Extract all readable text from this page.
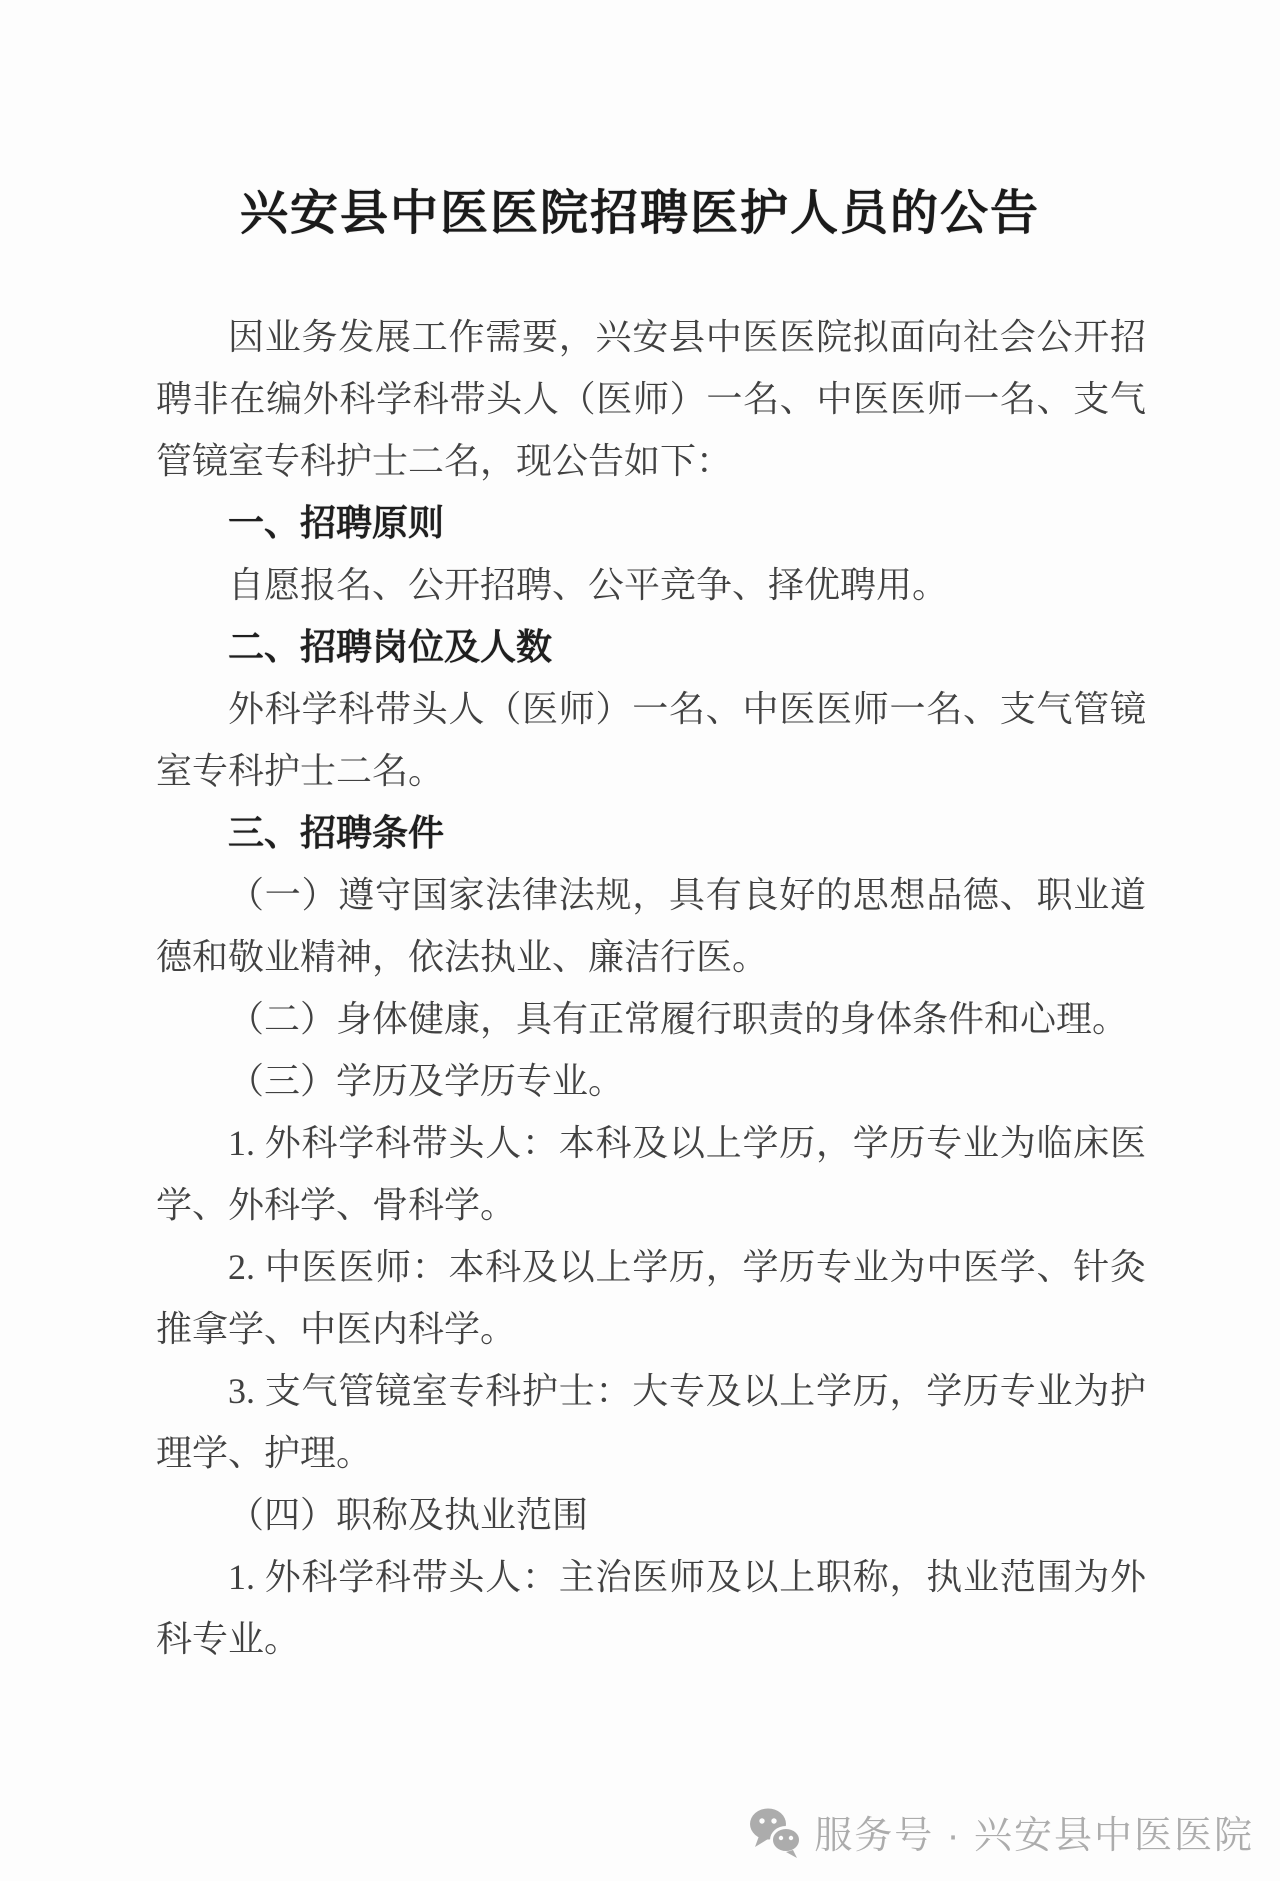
兴安县中医医院招聘医护人员的公告

因业务发展工作需要，兴安县中医医院拟面向社会公开招聘非在编外科学科带头人（医师）一名、中医医师一名、支气管镜室专科护士二名，现公告如下：

一、招聘原则

自愿报名、公开招聘、公平竞争、择优聘用。

二、招聘岗位及人数

外科学科带头人（医师）一名、中医医师一名、支气管镜室专科护士二名。

三、招聘条件

（一）遵守国家法律法规，具有良好的思想品德、职业道德和敬业精神，依法执业、廉洁行医。

（二）身体健康，具有正常履行职责的身体条件和心理。

（三）学历及学历专业。

1. 外科学科带头人：本科及以上学历，学历专业为临床医学、外科学、骨科学。

2. 中医医师：本科及以上学历，学历专业为中医学、针灸推拿学、中医内科学。

3. 支气管镜室专科护士：大专及以上学历，学历专业为护理学、护理。

（四）职称及执业范围

1. 外科学科带头人：主治医师及以上职称，执业范围为外科专业。

服务号 · 兴安县中医医院
